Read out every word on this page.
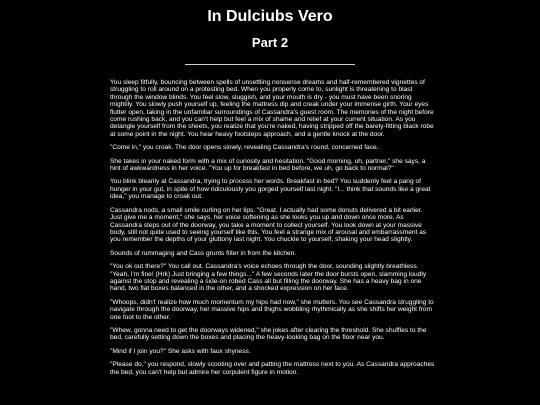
In Dulciubs Vero
Part 2

You sleep fitfully, bouncing between spells of unsettling nonsense dreams and half-remembered vignettes of struggling to roll around on a protesting bed. When you properly come to, sunlight is threatening to blast through the window blinds. You feel slow, sluggish, and your mouth is dry - you must have been snoring mightily. You slowly push yourself up, feeling the mattress dip and creak under your immense girth. Your eyes flutter open, taking in the unfamiliar surroundings of Cassandra's guest room. The memories of the night before come rushing back, and you can't help but feel a mix of shame and relief at your current situation. As you detangle yourself from the sheets, you realize that you're naked, having stripped off the barely-fitting black robe at some point in the night. You hear heavy footsteps approach, and a gentle knock at the door.

"Come in," you croak. The door opens slowly, revealing Cassandra's round, concerned face.

She takes in your naked form with a mix of curiosity and hesitation. "Good morning, uh, partner," she says, a hint of awkwardness in her voice. "You up for breakfast in bed before, we uh, go back to normal?"

You blink blearily at Cassandra, trying to process her words. Breakfast in bed? You suddenly feel a pang of hunger in your gut, in spite of how ridiculously you gorged yourself last night. "I... think that sounds like a great idea," you manage to croak out.

Cassandra nods, a small smile curling on her lips. "Great. I actually had some donuts delivered a bit earlier. Just give me a moment," she says, her voice softening as she looks you up and down once more. As Cassandra steps out of the doorway, you take a moment to collect yourself. You look down at your massive body, still not quite used to seeing yourself like this. You feel a strange mix of arousal and embarrassment as you remember the depths of your gluttony last night. You chuckle to yourself, shaking your head slightly.

Sounds of rummaging and Cass grunts filter in from the kitchen.

"You ok out there?" You call out. Cassandra's voice echoes through the door, sounding slightly breathless. "Yeah, I'm fine! (Hrk) Just bringing a few things..." A few seconds later the door bursts open, slamming loudly against the stop and revealing a side-on robed Cass all but filling the doorway. She has a heavy bag in one hand, two flat boxes balanced in the other, and a shocked expression on her face.

"Whoops, didn't realize how much momentum my hips had now," she mutters. You see Cassandra struggling to navigate through the doorway, her massive hips and thighs wobbling rhythmically as she shifts her weight from one foot to the other.

"Whew, gonna need to get the doorways widened," she jokes after clearing the threshold. She shuffles to the bed, carefully setting down the boxes and placing the heavy-looking bag on the floor near you.

"Mind if I join you?" She asks with faux shyness.

"Please do," you respond, slowly scooting over and patting the mattress next to you. As Cassandra approaches the bed, you can't help but admire her corpulent figure in motion.
